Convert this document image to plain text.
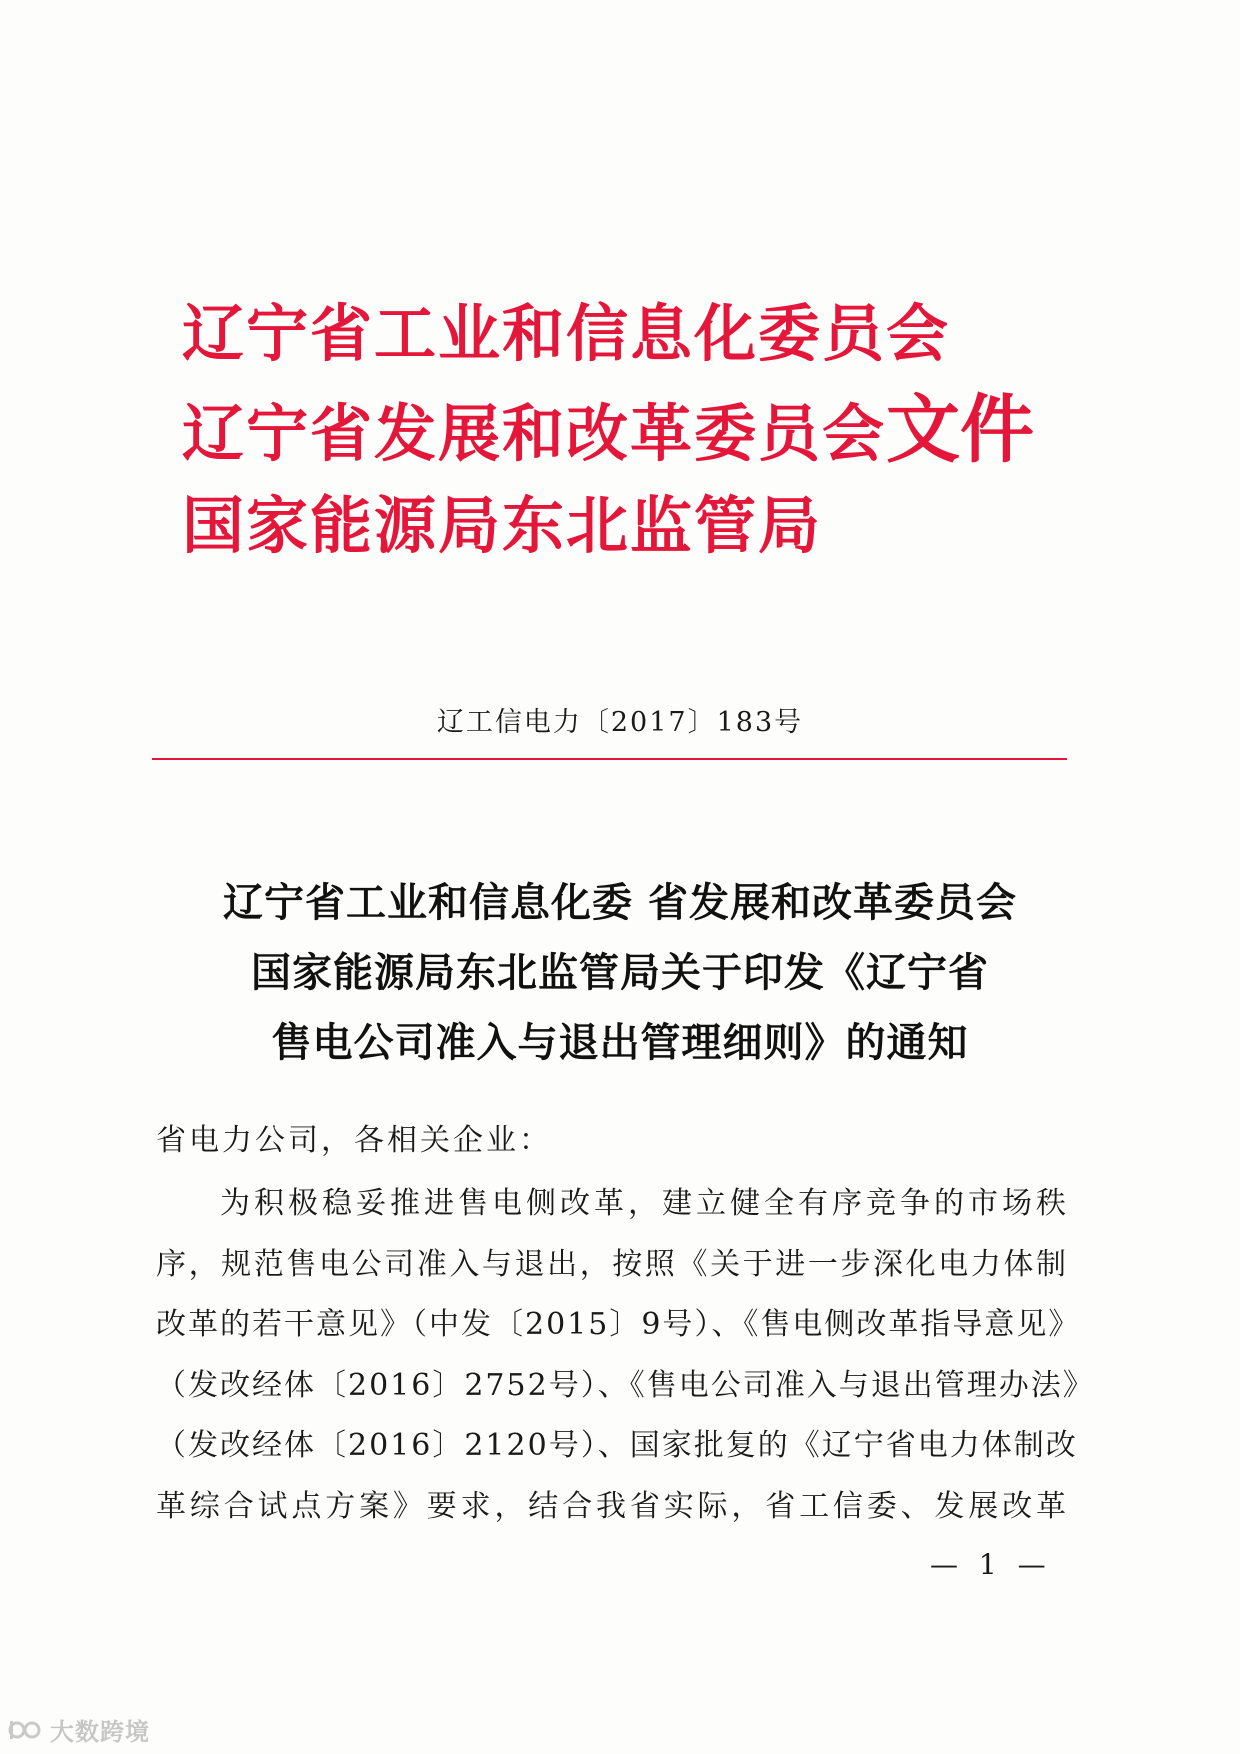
辽宁省工业和信息化委员会
辽宁省发展和改革委员会文件
国家能源局东北监管局
辽工信电力〔2017〕183号
辽宁省工业和信息化委 省发展和改革委员会
国家能源局东北监管局关于印发《辽宁省
售电公司准入与退出管理细则》的通知
省电力公司，各相关企业：
为积极稳妥推进售电侧改革，建立健全有序竞争的市场秩
序，规范售电公司准入与退出，按照《关于进一步深化电力体制
改革的若干意见》（中发〔2015〕9号）、《售电侧改革指导意见》
（发改经体〔2016〕2752号）、《售电公司准入与退出管理办法》
（发改经体〔2016〕2120号）、国家批复的《辽宁省电力体制改
革综合试点方案》要求，结合我省实际，省工信委、发展改革
— 1 —
大数跨境
